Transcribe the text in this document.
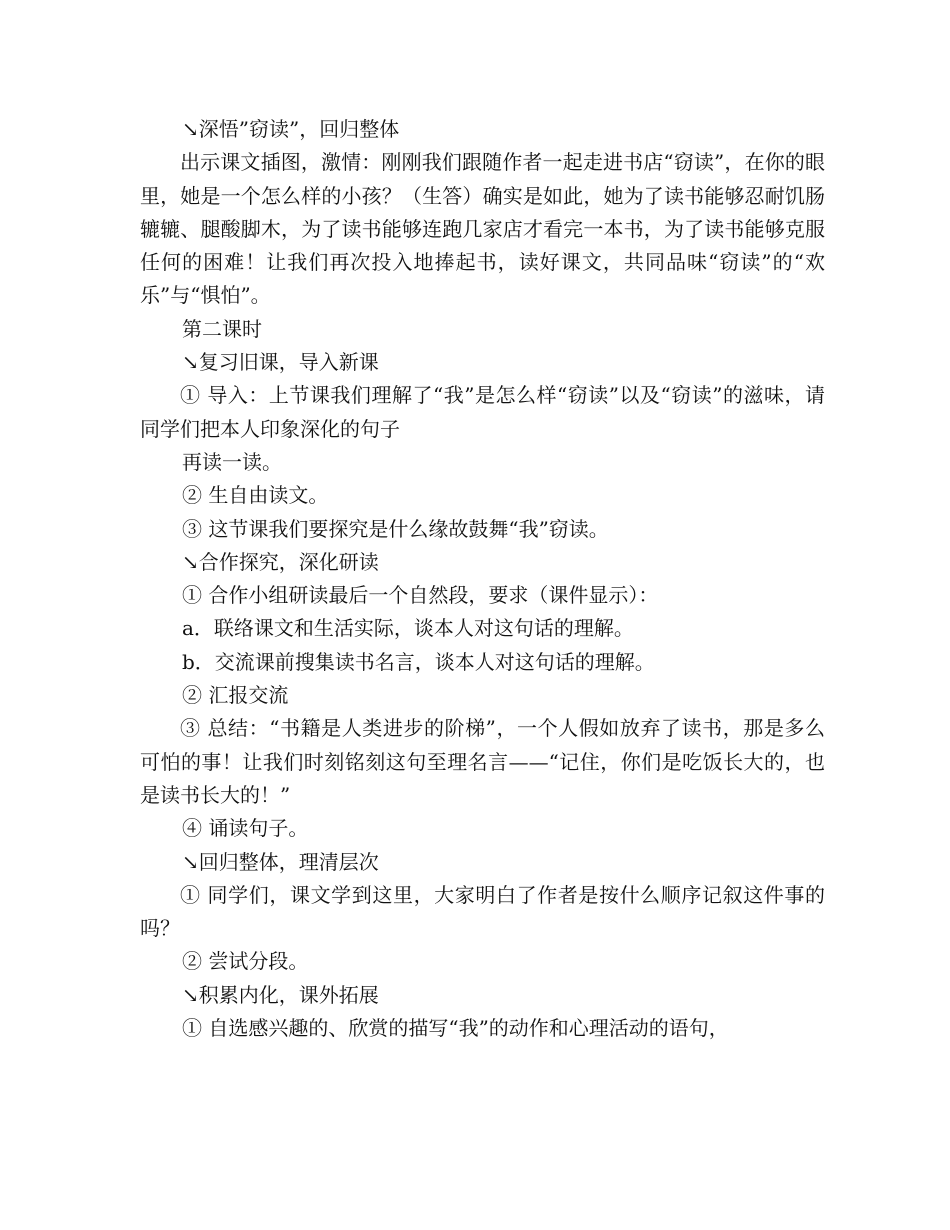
↘深悟”窃读”，回归整体

出示课文插图，激情：刚刚我们跟随作者一起走进书店“窃读”，在你的眼里，她是一个怎么样的小孩？（生答）确实是如此，她为了读书能够忍耐饥肠辘辘、腿酸脚木，为了读书能够连跑几家店才看完一本书，为了读书能够克服任何的困难！让我们再次投入地捧起书，读好课文，共同品味“窃读”的“欢乐”与“惧怕”。

第二课时

↘复习旧课，导入新课

① 导入：上节课我们理解了“我”是怎么样“窃读”以及“窃读”的滋味，请同学们把本人印象深化的句子

再读一读。

② 生自由读文。

③ 这节课我们要探究是什么缘故鼓舞“我”窃读。

↘合作探究，深化研读

① 合作小组研读最后一个自然段，要求（课件显示）：

a．联络课文和生活实际，谈本人对这句话的理解。

b．交流课前搜集读书名言，谈本人对这句话的理解。

② 汇报交流

③ 总结：“书籍是人类进步的阶梯”，一个人假如放弃了读书，那是多么可怕的事！让我们时刻铭刻这句至理名言——“记住，你们是吃饭长大的，也是读书长大的！”

④ 诵读句子。

↘回归整体，理清层次

① 同学们，课文学到这里，大家明白了作者是按什么顺序记叙这件事的吗？

② 尝试分段。

↘积累内化，课外拓展

① 自选感兴趣的、欣赏的描写“我”的动作和心理活动的语句，
